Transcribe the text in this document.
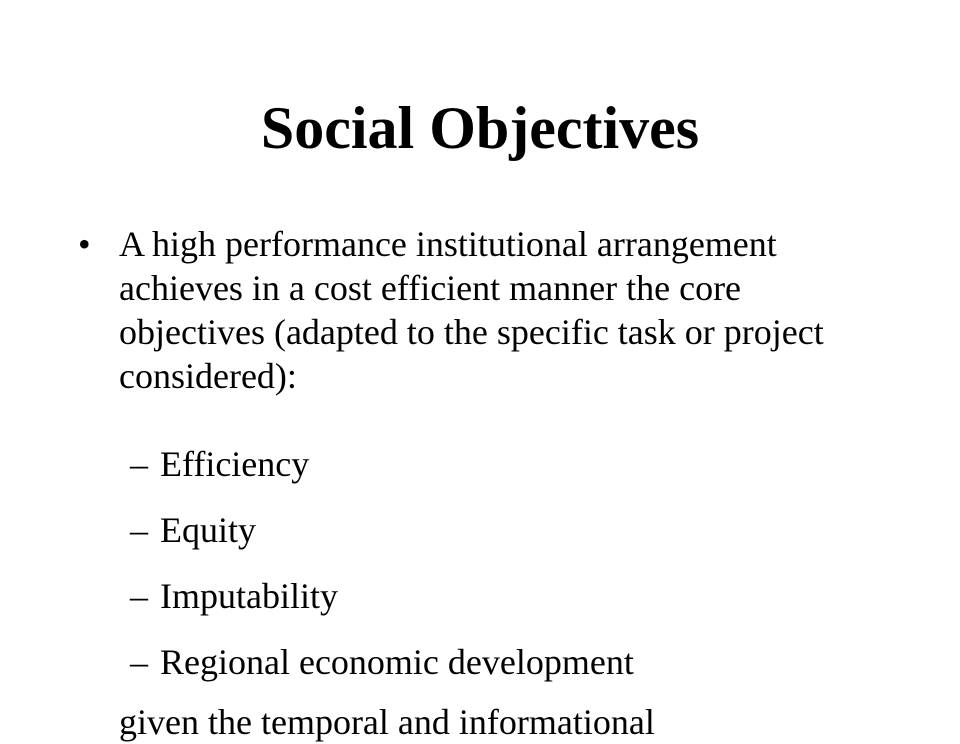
Social Objectives
• A high performance institutional arrangement achieves in a cost efficient manner the core objectives (adapted to the specific task or project considered):
– Efficiency
– Equity
– Imputability
– Regional economic development
given the temporal and informational
